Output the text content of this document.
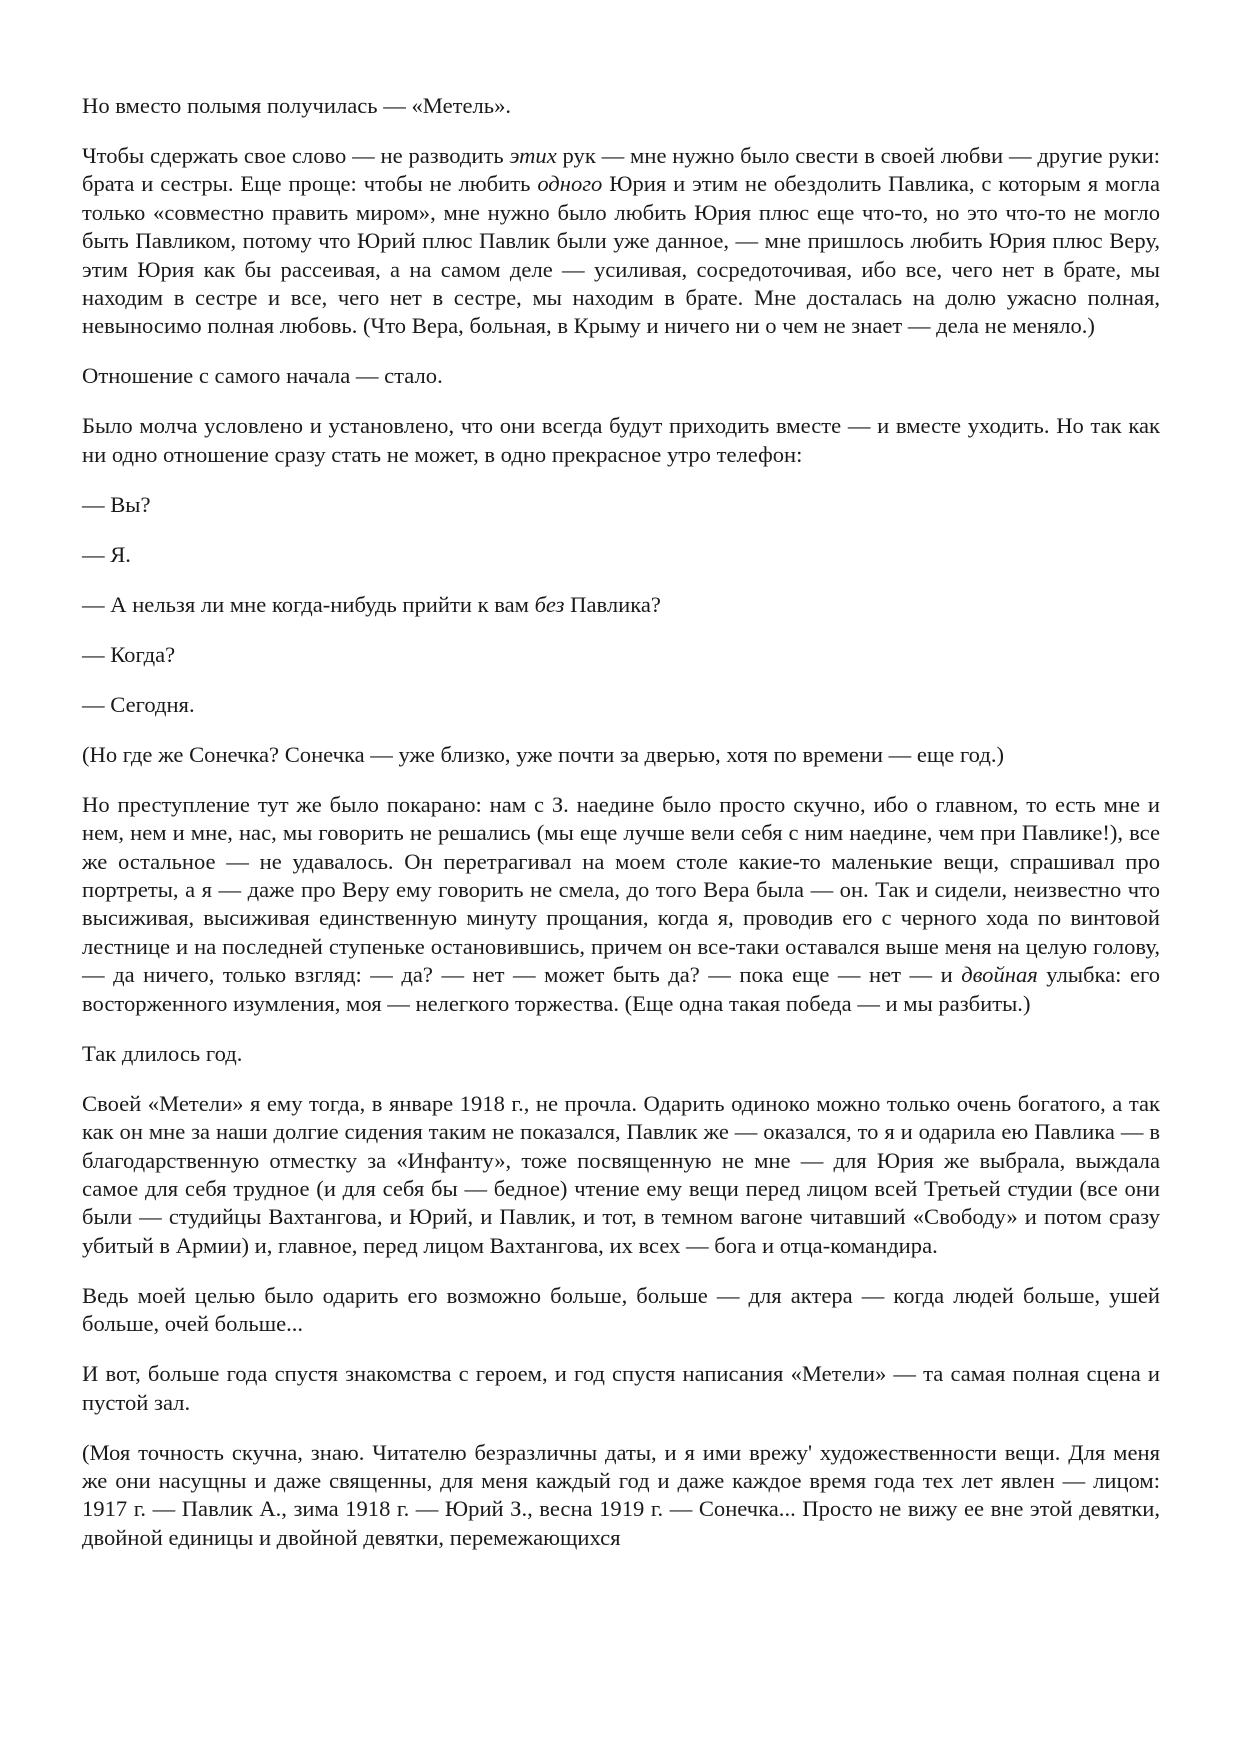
Но вместо полымя получилась — «Метель».

Чтобы сдержать свое слово — не разводить этих рук — мне нужно было свести в своей любви — другие руки: брата и сестры. Еще проще: чтобы не любить одного Юрия и этим не обездолить Павлика, с которым я могла только «совместно править миром», мне нужно было любить Юрия плюс еще что-то, но это что-то не могло быть Павликом, потому что Юрий плюс Павлик были уже данное, — мне пришлось любить Юрия плюс Веру, этим Юрия как бы рассеивая, а на самом деле — усиливая, сосредоточивая, ибо все, чего нет в брате, мы находим в сестре и все, чего нет в сестре, мы находим в брате. Мне досталась на долю ужасно полная, невыносимо полная любовь. (Что Вера, больная, в Крыму и ничего ни о чем не знает — дела не меняло.)

Отношение с самого начала — стало.

Было молча условлено и установлено, что они всегда будут приходить вместе — и вместе уходить. Но так как ни одно отношение сразу стать не может, в одно прекрасное утро телефон:

— Вы?

— Я.

— А нельзя ли мне когда-нибудь прийти к вам без Павлика?

— Когда?

— Сегодня.

(Но где же Сонечка? Сонечка — уже близко, уже почти за дверью, хотя по времени — еще год.)

Но преступление тут же было покарано: нам с З. наедине было просто скучно, ибо о главном, то есть мне и нем, нем и мне, нас, мы говорить не решались (мы еще лучше вели себя с ним наедине, чем при Павлике!), все же остальное — не удавалось. Он перетрагивал на моем столе какие-то маленькие вещи, спрашивал про портреты, а я — даже про Веру ему говорить не смела, до того Вера была — он. Так и сидели, неизвестно что высиживая, высиживая единственную минуту прощания, когда я, проводив его с черного хода по винтовой лестнице и на последней ступеньке остановившись, причем он все-таки оставался выше меня на целую голову, — да ничего, только взгляд: — да? — нет — может быть да? — пока еще — нет — и двойная улыбка: его восторженного изумления, моя — нелегкого торжества. (Еще одна такая победа — и мы разбиты.)

Так длилось год.

Своей «Метели» я ему тогда, в январе 1918 г., не прочла. Одарить одиноко можно только очень богатого, а так как он мне за наши долгие сидения таким не показался, Павлик же — оказался, то я и одарила ею Павлика — в благодарственную отместку за «Инфанту», тоже посвященную не мне — для Юрия же выбрала, выждала самое для себя трудное (и для себя бы — бедное) чтение ему вещи перед лицом всей Третьей студии (все они были — студийцы Вахтангова, и Юрий, и Павлик, и тот, в темном вагоне читавший «Свободу» и потом сразу убитый в Армии) и, главное, перед лицом Вахтангова, их всех — бога и отца-командира.

Ведь моей целью было одарить его возможно больше, больше — для актера — когда людей больше, ушей больше, очей больше...

И вот, больше года спустя знакомства с героем, и год спустя написания «Метели» — та самая полная сцена и пустой зал.

(Моя точность скучна, знаю. Читателю безразличны даты, и я ими врежу' художественности вещи. Для меня же они насущны и даже священны, для меня каждый год и даже каждое время года тех лет явлен — лицом: 1917 г. — Павлик А., зима 1918 г. — Юрий З., весна 1919 г. — Сонечка... Просто не вижу ее вне этой девятки, двойной единицы и двойной девятки, перемежающихся
